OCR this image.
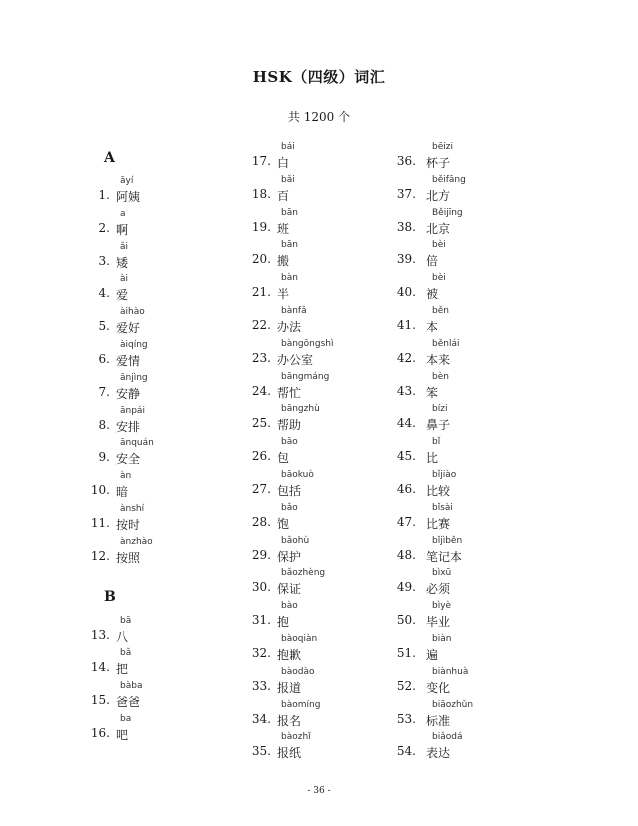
HSK（四级）词汇
共 1200 个
A
B
āyí
1. 阿姨
a
2. 啊
ǎi
3. 矮
ài
4. 爱
àihào
5. 爱好
àiqíng
6. 爱情
ānjìng
7. 安静
ānpái
8. 安排
ānquán
9. 安全
àn
10. 暗
ànshí
11. 按时
ànzhào
12. 按照
bā
13. 八
bǎ
14. 把
bàba
15. 爸爸
ba
16. 吧
bái
17. 白
bǎi
18. 百
bān
19. 班
bān
20. 搬
bàn
21. 半
bànfǎ
22. 办法
bàngōngshì
23. 办公室
bāngmáng
24. 帮忙
bāngzhù
25. 帮助
bāo
26. 包
bāokuò
27. 包括
bǎo
28. 饱
bǎohù
29. 保护
bǎozhèng
30. 保证
bào
31. 抱
bàoqiàn
32. 抱歉
bàodào
33. 报道
bàomíng
34. 报名
bàozhǐ
35. 报纸
bēizi
36. 杯子
běifāng
37. 北方
Běijīng
38. 北京
bèi
39. 倍
bèi
40. 被
běn
41. 本
běnlái
42. 本来
bèn
43. 笨
bízi
44. 鼻子
bǐ
45. 比
bǐjiào
46. 比较
bǐsài
47. 比赛
bǐjìběn
48. 笔记本
bìxū
49. 必须
bìyè
50. 毕业
biàn
51. 遍
biànhuà
52. 变化
biāozhǔn
53. 标准
biǎodá
54. 表达
- 36 -
